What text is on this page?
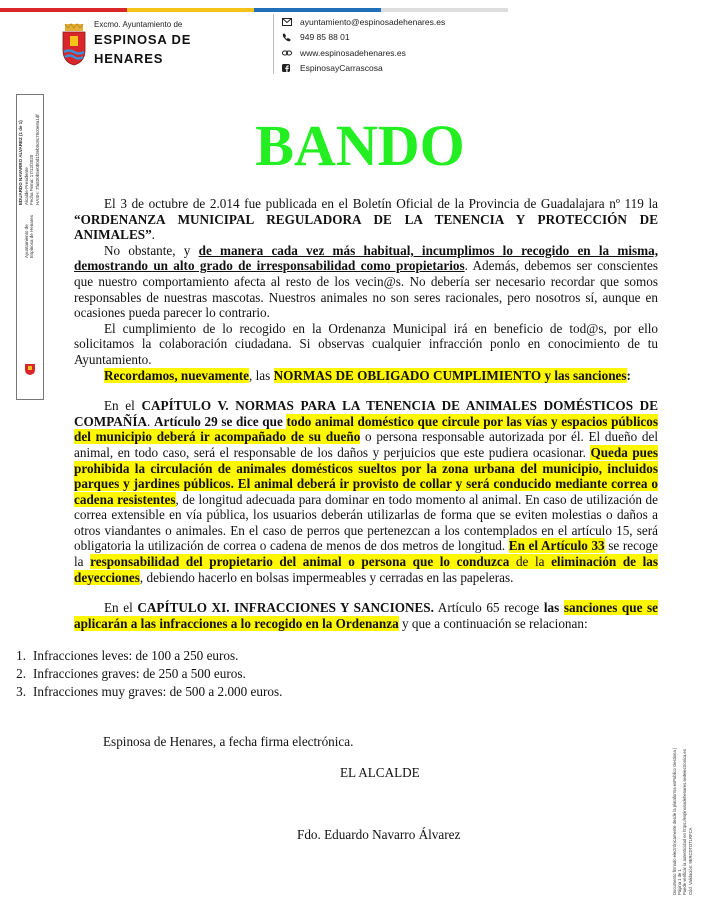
Excmo. Ayuntamiento de
ESPINOSA DE
HENARES
ayuntamiento@espinosadehenares.es
949 85 88 01
www.espinosadehenares.es
EspinosayCarrascosa
Ayuntamiento de Espinosa de Henares
EDUARDO NAVARRO ALVAREZ (1 de 1) Alcalde-Presidente Fecha Firma: 17/12/2020 HASH: 7fa820b5e0b0d1f3eb0c8c78c0e8a1df
Documento firmado electrónicamente desde la plataforma esPublico Gestiona | Página 1 de 1 Puede verificar la autenticidad en https://espinosadehenares.sedelectronica.es Cód. Validación: 9ERCDTDTLRFCA
BANDO

El 3 de octubre de 2.014 fue publicada en el Boletín Oficial de la Provincia de Guadalajara nº 119 la “ORDENANZA MUNICIPAL REGULADORA DE LA TENENCIA Y PROTECCIÓN DE ANIMALES”.

No obstante, y de manera cada vez más habitual, incumplimos lo recogido en la misma, demostrando un alto grado de irresponsabilidad como propietarios. Además, debemos ser conscientes que nuestro comportamiento afecta al resto de los vecin@s. No debería ser necesario recordar que somos responsables de nuestras mascotas. Nuestros animales no son seres racionales, pero nosotros sí, aunque en ocasiones pueda parecer lo contrario.

El cumplimiento de lo recogido en la Ordenanza Municipal irá en beneficio de tod@s, por ello solicitamos la colaboración ciudadana. Si observas cualquier infracción ponlo en conocimiento de tu Ayuntamiento.

Recordamos, nuevamente, las NORMAS DE OBLIGADO CUMPLIMIENTO y las sanciones:

En el CAPÍTULO V. NORMAS PARA LA TENENCIA DE ANIMALES DOMÉSTICOS DE COMPAÑÍA. Artículo 29 se dice que todo animal doméstico que circule por las vías y espacios públicos del municipio deberá ir acompañado de su dueño o persona responsable autorizada por él. El dueño del animal, en todo caso, será el responsable de los daños y perjuicios que este pudiera ocasionar. Queda pues prohibida la circulación de animales domésticos sueltos por la zona urbana del municipio, incluidos parques y jardines públicos. El animal deberá ir provisto de collar y será conducido mediante correa o cadena resistentes, de longitud adecuada para dominar en todo momento al animal. En caso de utilización de correa extensible en vía pública, los usuarios deberán utilizarlas de forma que se eviten molestias o daños a otros viandantes o animales. En el caso de perros que pertenezcan a los contemplados en el artículo 15, será obligatoria la utilización de correa o cadena de menos de dos metros de longitud. En el Artículo 33 se recoge la responsabilidad del propietario del animal o persona que lo conduzca de la eliminación de las deyecciones, debiendo hacerlo en bolsas impermeables y cerradas en las papeleras.

En el CAPÍTULO XI. INFRACCIONES Y SANCIONES. Artículo 65 recoge las sanciones que se aplicarán a las infracciones a lo recogido en la Ordenanza y que a continuación se relacionan:

1. Infracciones leves: de 100 a 250 euros.
2. Infracciones graves: de 250 a 500 euros.
3. Infracciones muy graves: de 500 a 2.000 euros.
Espinosa de Henares, a fecha firma electrónica.
EL ALCALDE
Fdo. Eduardo Navarro Álvarez
